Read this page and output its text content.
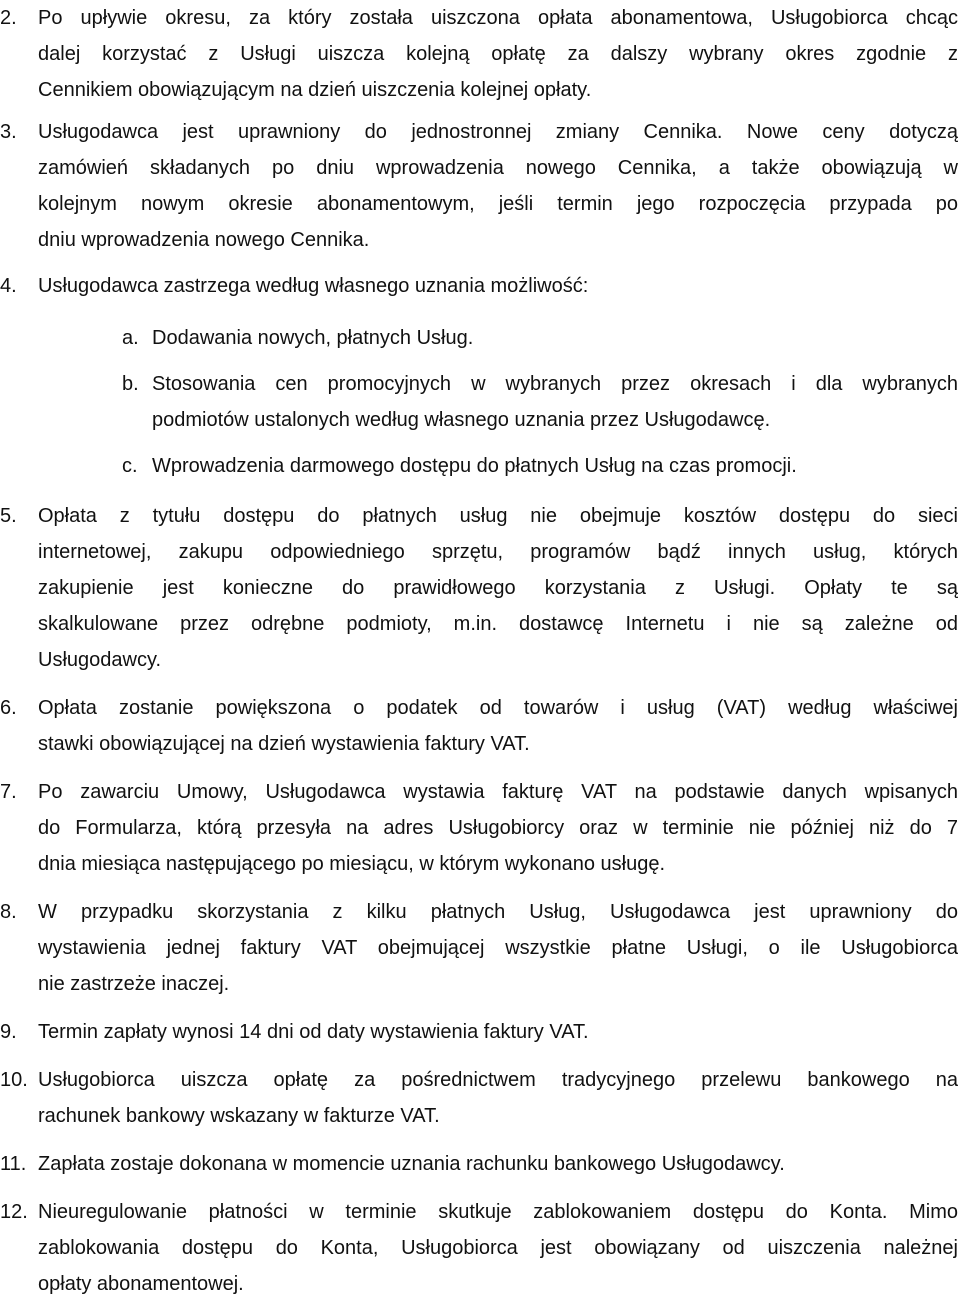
2.	Po upływie okresu, za który została uiszczona opłata abonamentowa, Usługobiorca chcąc
dalej korzystać z Usługi uiszcza kolejną opłatę za dalszy wybrany okres zgodnie z
Cennikiem obowiązującym na dzień uiszczenia kolejnej opłaty.
3.	Usługodawca jest uprawniony do jednostronnej zmiany Cennika. Nowe ceny dotyczą
zamówień składanych po dniu wprowadzenia nowego Cennika, a także obowiązują w
kolejnym nowym okresie abonamentowym, jeśli termin jego rozpoczęcia przypada po
dniu wprowadzenia nowego Cennika.
4.	Usługodawca zastrzega według własnego uznania możliwość:
a. Dodawania nowych, płatnych Usług.
b. Stosowania cen promocyjnych w wybranych przez okresach i dla wybranych
podmiotów ustalonych według własnego uznania przez Usługodawcę.
c. Wprowadzenia darmowego dostępu do płatnych Usług na czas promocji.
5.	Opłata z tytułu dostępu do płatnych usług nie obejmuje kosztów dostępu do sieci
internetowej, zakupu odpowiedniego sprzętu, programów bądź innych usług, których
zakupienie jest konieczne do prawidłowego korzystania z Usługi. Opłaty te są
skalkulowane przez odrębne podmioty, m.in. dostawcę Internetu i nie są zależne od
Usługodawcy.
6.	Opłata zostanie powiększona o podatek od towarów i usług (VAT) według właściwej
stawki obowiązującej na dzień wystawienia faktury VAT.
7.	Po zawarciu Umowy, Usługodawca wystawia fakturę VAT na podstawie danych wpisanych
do Formularza, którą przesyła na adres Usługobiorcy oraz w terminie nie później niż do 7
dnia miesiąca następującego po miesiącu, w którym wykonano usługę.
8.	W przypadku skorzystania z kilku płatnych Usług, Usługodawca jest uprawniony do
wystawienia jednej faktury VAT obejmującej wszystkie płatne Usługi, o ile Usługobiorca
nie zastrzeże inaczej.
9.	Termin zapłaty wynosi 14 dni od daty wystawienia faktury VAT.
10. Usługobiorca uiszcza opłatę za pośrednictwem tradycyjnego przelewu bankowego na
rachunek bankowy wskazany w fakturze VAT.
11. Zapłata zostaje dokonana w momencie uznania rachunku bankowego Usługodawcy.
12. Nieuregulowanie płatności w terminie skutkuje zablokowaniem dostępu do Konta. Mimo
zablokowania dostępu do Konta, Usługobiorca jest obowiązany od uiszczenia należnej
opłaty abonamentowej.
